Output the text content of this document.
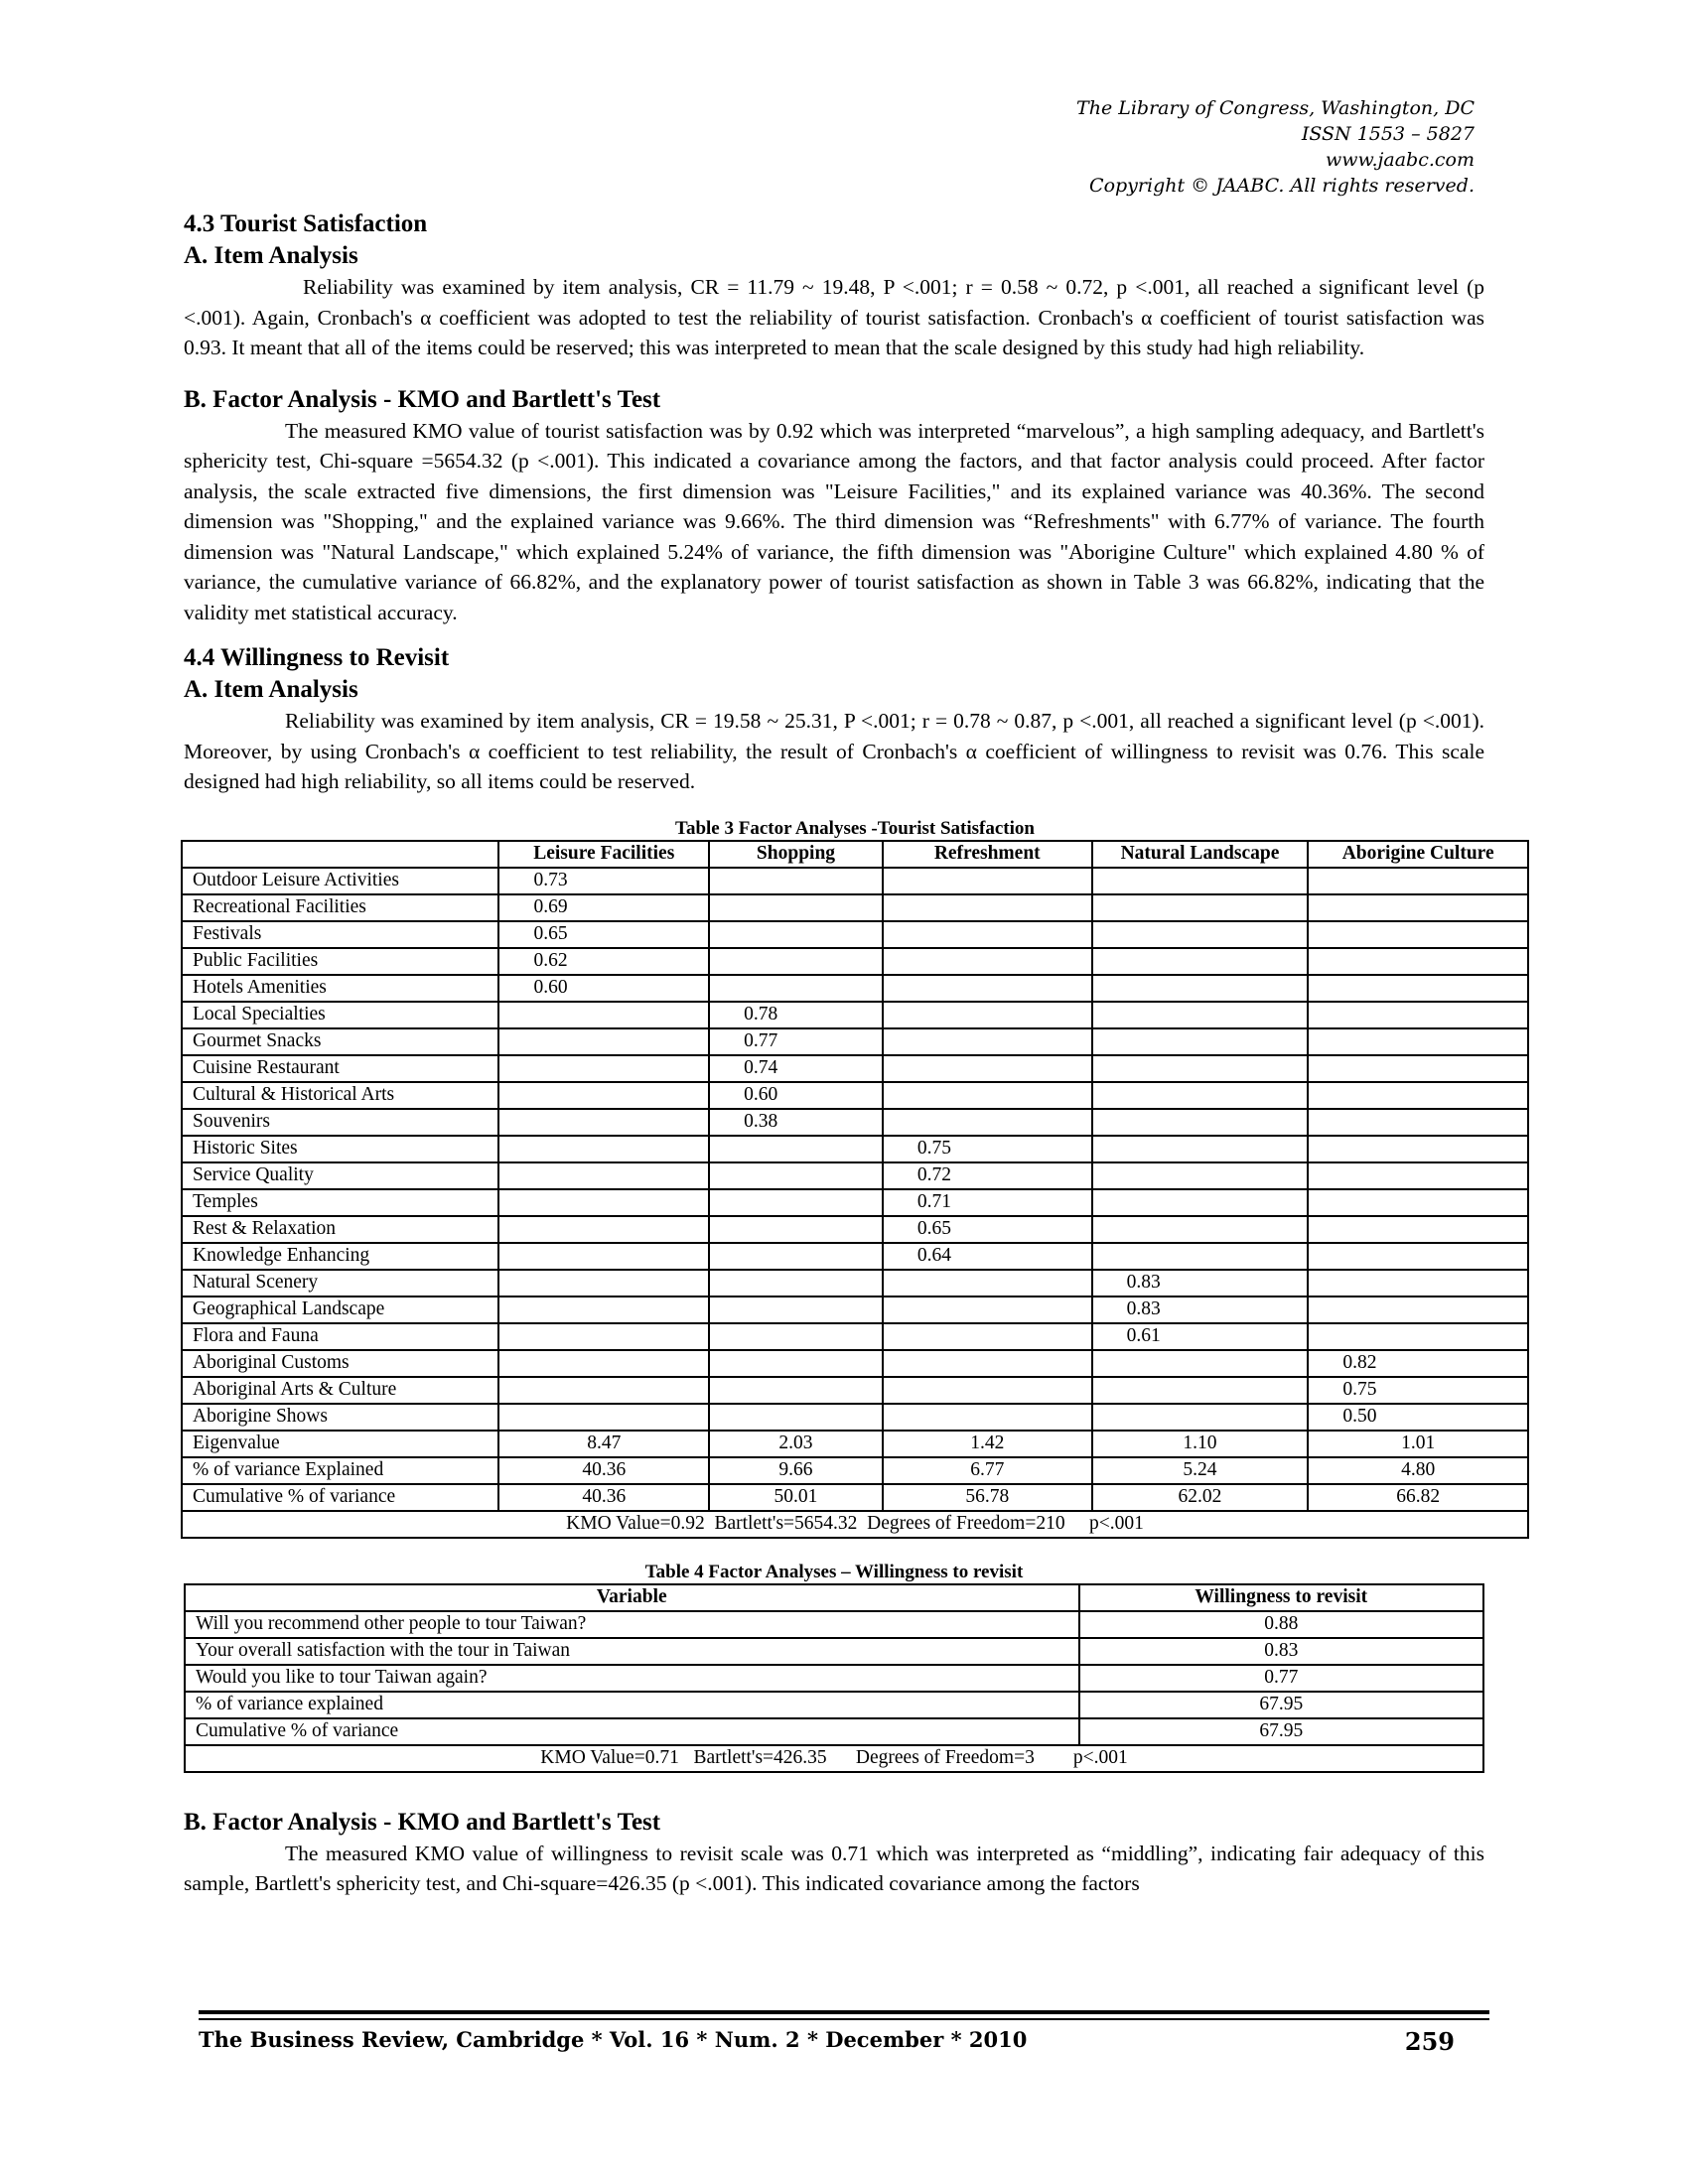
The Library of Congress, Washington, DC
ISSN 1553 – 5827
www.jaabc.com
Copyright © JAABC. All rights reserved.
4.3 Tourist Satisfaction
A. Item Analysis

Reliability was examined by item analysis, CR = 11.79 ~ 19.48, P <.001; r = 0.58 ~ 0.72, p <.001, all reached a significant level (p <.001). Again, Cronbach's α coefficient was adopted to test the reliability of tourist satisfaction. Cronbach's α coefficient of tourist satisfaction was 0.93. It meant that all of the items could be reserved; this was interpreted to mean that the scale designed by this study had high reliability.

B. Factor Analysis - KMO and Bartlett's Test

The measured KMO value of tourist satisfaction was by 0.92 which was interpreted “marvelous”, a high sampling adequacy, and Bartlett's sphericity test, Chi-square =5654.32 (p <.001). This indicated a covariance among the factors, and that factor analysis could proceed. After factor analysis, the scale extracted five dimensions, the first dimension was "Leisure Facilities," and its explained variance was 40.36%. The second dimension was "Shopping," and the explained variance was 9.66%. The third dimension was “Refreshments" with 6.77% of variance. The fourth dimension was "Natural Landscape," which explained 5.24% of variance, the fifth dimension was "Aborigine Culture" which explained 4.80 % of variance, the cumulative variance of 66.82%, and the explanatory power of tourist satisfaction as shown in Table 3 was 66.82%, indicating that the validity met statistical accuracy.

4.4 Willingness to Revisit
A. Item Analysis

Reliability was examined by item analysis, CR = 19.58 ~ 25.31, P <.001; r = 0.78 ~ 0.87, p <.001, all reached a significant level (p <.001). Moreover, by using Cronbach's α coefficient to test reliability, the result of Cronbach's α coefficient of willingness to revisit was 0.76. This scale designed had high reliability, so all items could be reserved.

Table 3 Factor Analyses -Tourist Satisfaction

	Leisure Facilities	Shopping	Refreshment	Natural Landscape	Aborigine Culture
Outdoor Leisure Activities	0.73				
Recreational Facilities	0.69				
Festivals	0.65				
Public Facilities	0.62				
Hotels Amenities	0.60				
Local Specialties		0.78			
Gourmet Snacks		0.77			
Cuisine Restaurant		0.74			
Cultural & Historical Arts		0.60			
Souvenirs		0.38			
Historic Sites			0.75		
Service Quality			0.72		
Temples			0.71		
Rest & Relaxation			0.65		
Knowledge Enhancing			0.64		
Natural Scenery				0.83	
Geographical Landscape				0.83	
Flora and Fauna				0.61	
Aboriginal Customs					0.82
Aboriginal Arts & Culture					0.75
Aborigine Shows					0.50
Eigenvalue	8.47	2.03	1.42	1.10	1.01
% of variance Explained	40.36	9.66	6.77	5.24	4.80
Cumulative % of variance	40.36	50.01	56.78	62.02	66.82
KMO Value=0.92  Bartlett's=5654.32  Degrees of Freedom=210     p<.001					

Table 4 Factor Analyses – Willingness to revisit

Variable	Willingness to revisit
Will you recommend other people to tour Taiwan?	0.88
Your overall satisfaction with the tour in Taiwan	0.83
Would you like to tour Taiwan again?	0.77
% of variance explained	67.95
Cumulative % of variance	67.95
KMO Value=0.71   Bartlett's=426.35      Degrees of Freedom=3        p<.001	
B. Factor Analysis - KMO and Bartlett's Test

The measured KMO value of willingness to revisit scale was 0.71 which was interpreted as “middling”, indicating fair adequacy of this sample, Bartlett's sphericity test, and Chi-square=426.35 (p <.001). This indicated covariance among the factors

The Business Review, Cambridge * Vol. 16 * Num. 2 * December * 2010	259
